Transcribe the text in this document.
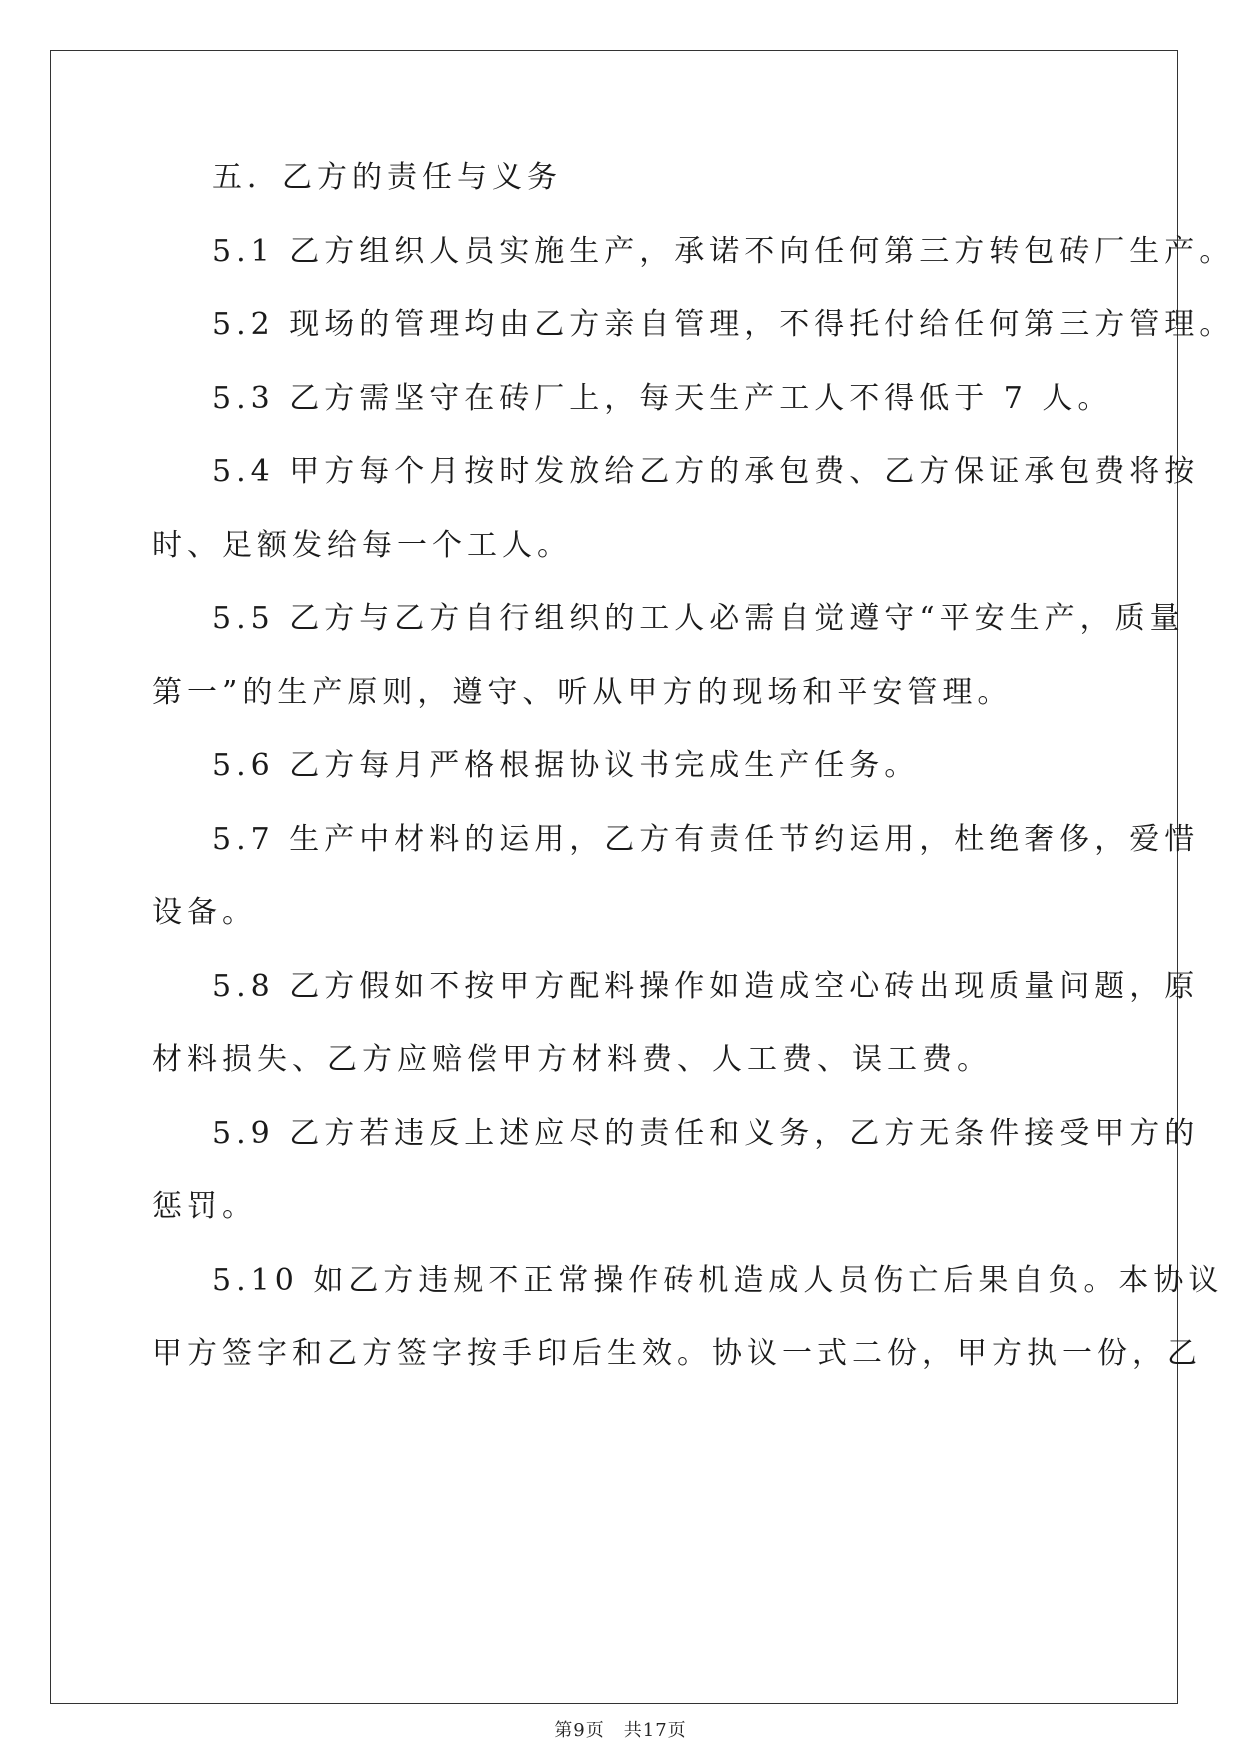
五．乙方的责任与义务
5.1 乙方组织人员实施生产，承诺不向任何第三方转包砖厂生产。
5.2 现场的管理均由乙方亲自管理，不得托付给任何第三方管理。
5.3 乙方需坚守在砖厂上，每天生产工人不得低于 7 人。
5.4 甲方每个月按时发放给乙方的承包费、乙方保证承包费将按
时、足额发给每一个工人。
5.5 乙方与乙方自行组织的工人必需自觉遵守“平安生产，质量
第一”的生产原则，遵守、听从甲方的现场和平安管理。
5.6 乙方每月严格根据协议书完成生产任务。
5.7 生产中材料的运用，乙方有责任节约运用，杜绝奢侈，爱惜
设备。
5.8 乙方假如不按甲方配料操作如造成空心砖出现质量问题，原
材料损失、乙方应赔偿甲方材料费、人工费、误工费。
5.9 乙方若违反上述应尽的责任和义务，乙方无条件接受甲方的
惩罚。
5.10 如乙方违规不正常操作砖机造成人员伤亡后果自负。本协议
甲方签字和乙方签字按手印后生效。协议一式二份，甲方执一份，乙
第9页　共17页
